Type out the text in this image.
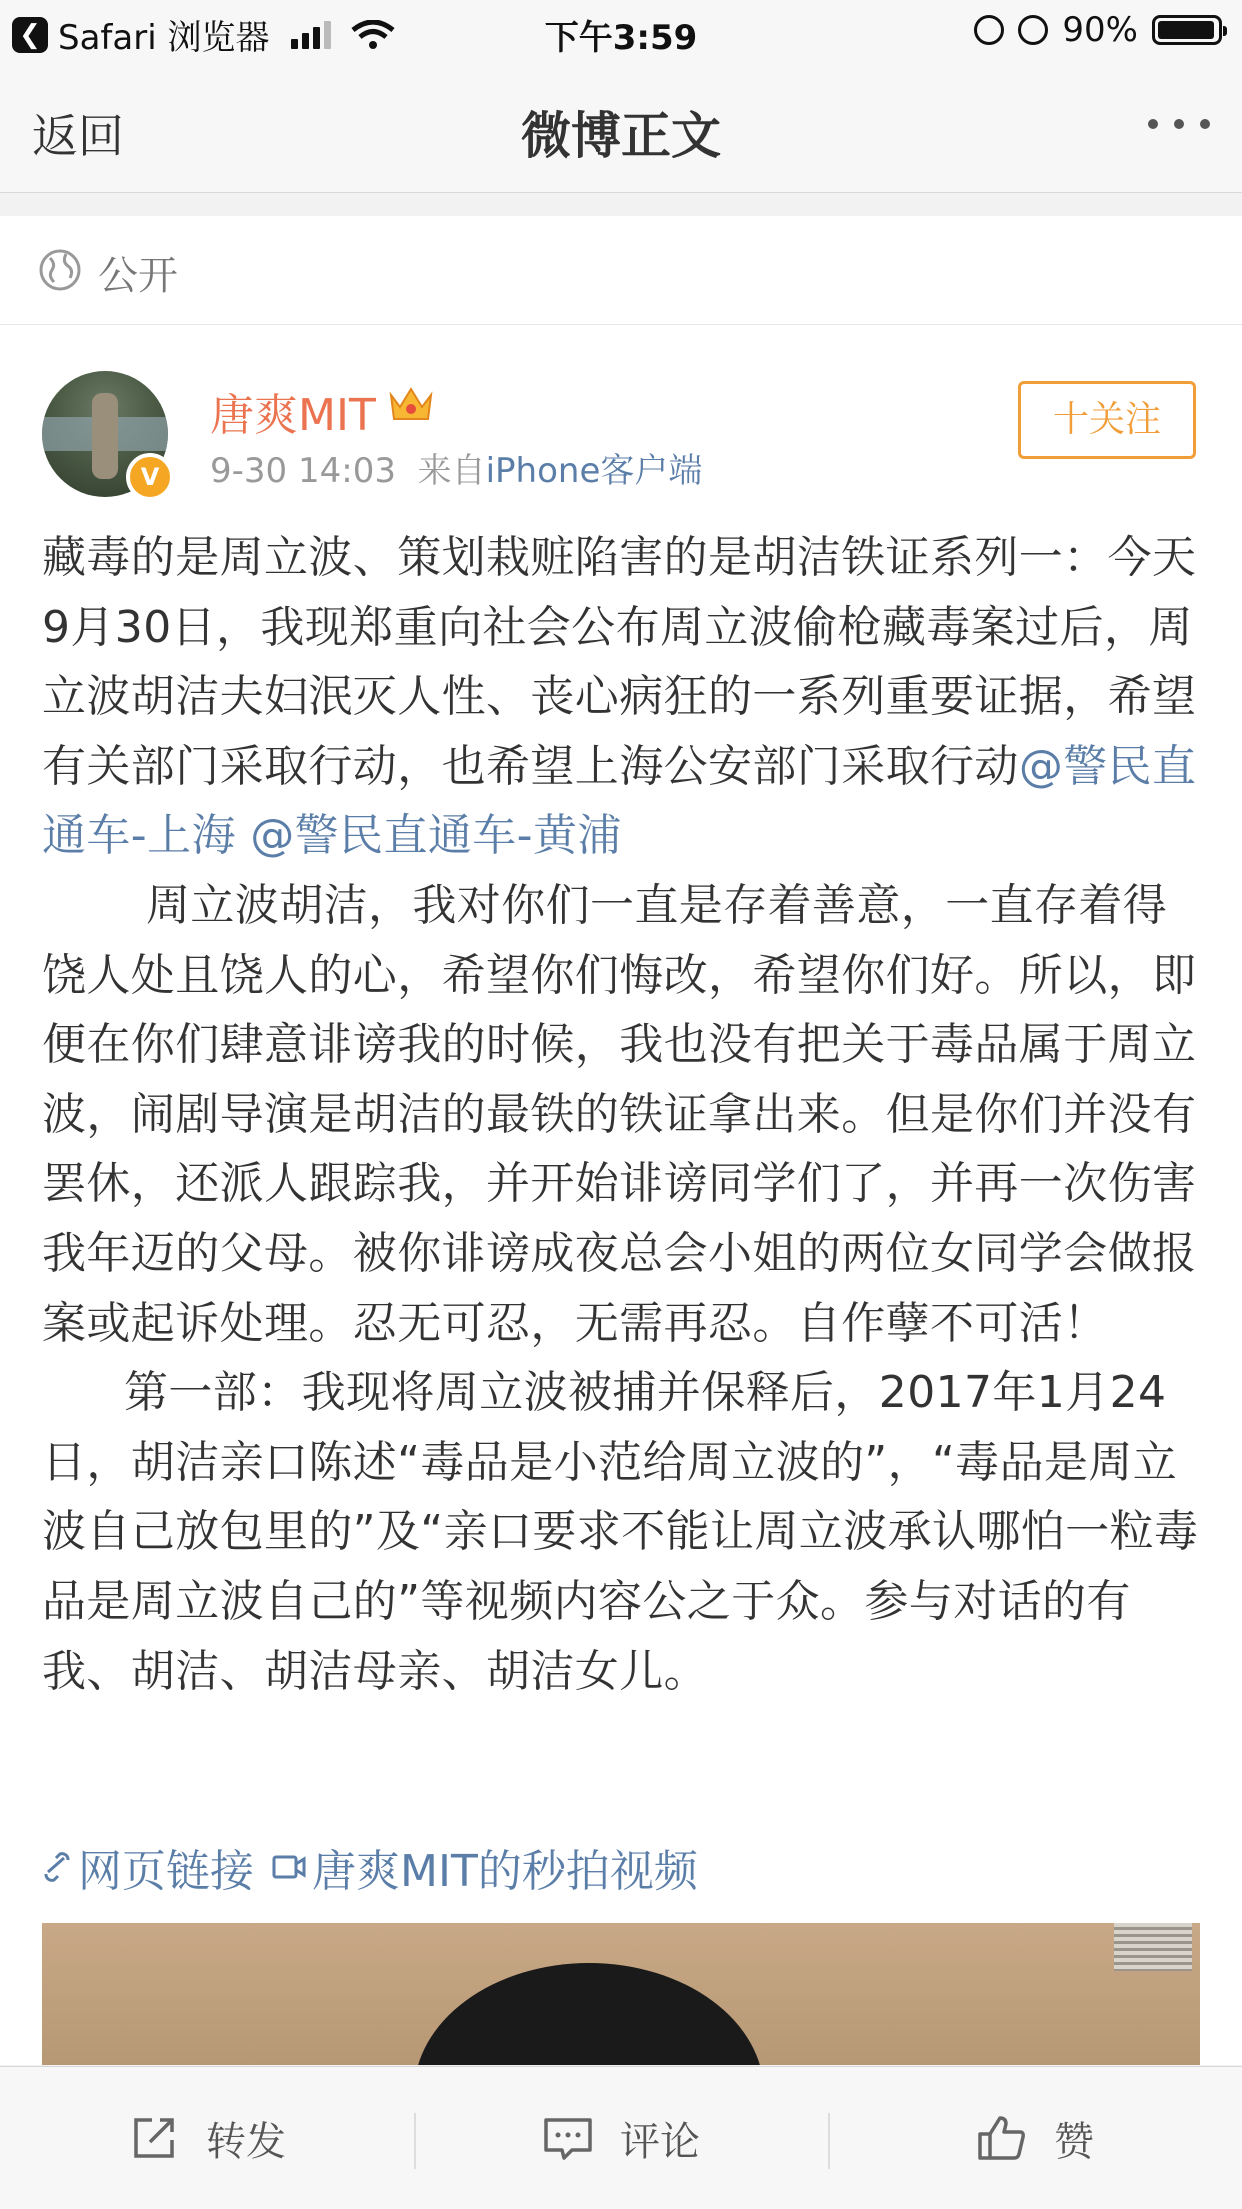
❮ Safari 浏览器	下午3:59	90%
返回	微博正文
公开
V
唐爽MIT
9-30 14:03 来自iPhone客户端
十关注

藏毒的是周立波、策划栽赃陷害的是胡洁铁证系列一：今天9月30日，我现郑重向社会公布周立波偷枪藏毒案过后，周立波胡洁夫妇泯灭人性、丧心病狂的一系列重要证据，希望有关部门采取行动，也希望上海公安部门采取行动@警民直通车-上海 @警民直通车-黄浦

周立波胡洁，我对你们一直是存着善意，一直存着得饶人处且饶人的心，希望你们悔改，希望你们好。所以，即便在你们肆意诽谤我的时候，我也没有把关于毒品属于周立波，闹剧导演是胡洁的最铁的铁证拿出来。但是你们并没有罢休，还派人跟踪我，并开始诽谤同学们了，并再一次伤害我年迈的父母。被你诽谤成夜总会小姐的两位女同学会做报案或起诉处理。忍无可忍，无需再忍。自作孽不可活！

第一部：我现将周立波被捕并保释后，2017年1月24日，胡洁亲口陈述“毒品是小范给周立波的”，“毒品是周立波自己放包里的”及“亲口要求不能让周立波承认哪怕一粒毒品是周立波自己的”等视频内容公之于众。参与对话的有我、胡洁、胡洁母亲、胡洁女儿。

网页链接 唐爽MIT的秒拍视频
转发	评论	赞
